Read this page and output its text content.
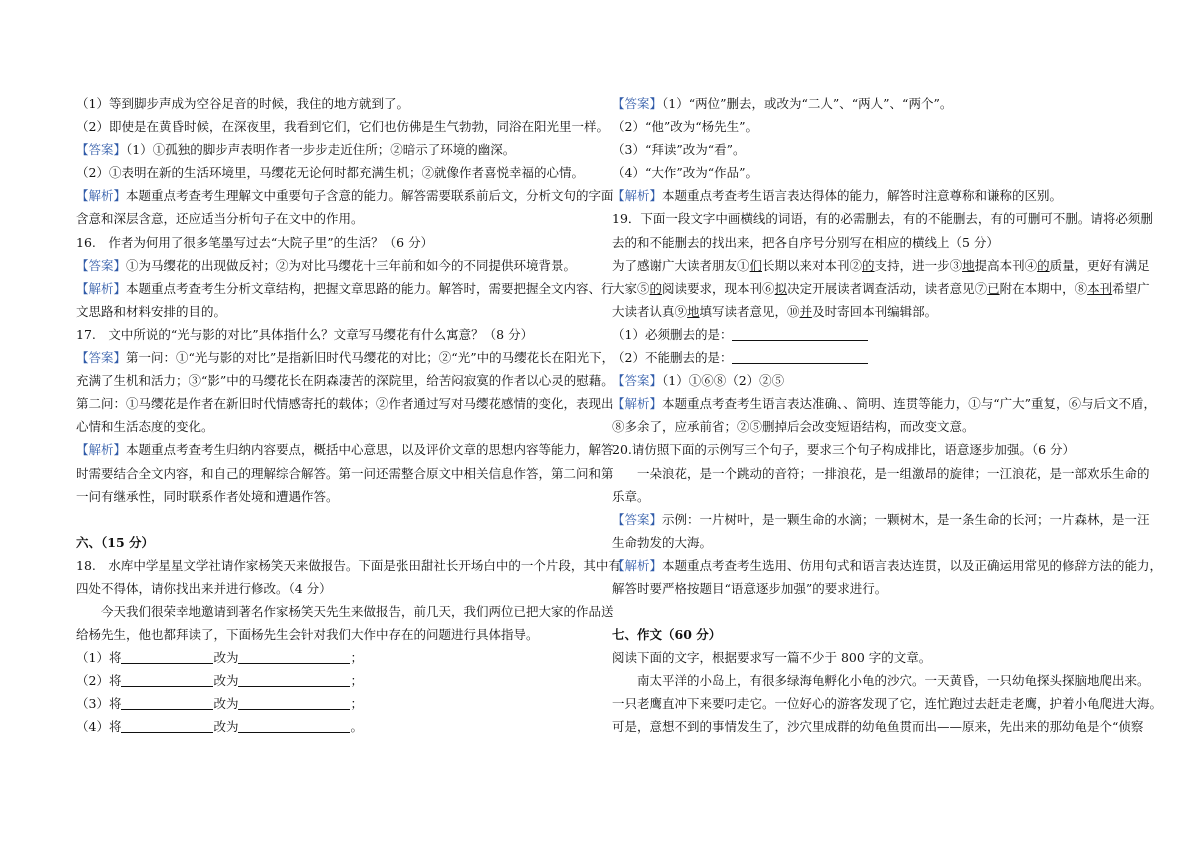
（1）等到脚步声成为空谷足音的时候，我住的地方就到了。
（2）即使是在黄昏时候，在深夜里，我看到它们，它们也仿佛是生气勃勃，同浴在阳光里一样。
【答案】（1）①孤独的脚步声表明作者一步步走近住所；②暗示了环境的幽深。
（2）①表明在新的生活环境里，马缨花无论何时都充满生机；②就像作者喜悦幸福的心情。
【解析】本题重点考查考生理解文中重要句子含意的能力。解答需要联系前后文，分析文句的字面
含意和深层含意，还应适当分析句子在文中的作用。
16.　作者为何用了很多笔墨写过去“大院子里”的生活？（6 分）
【答案】①为马缨花的出现做反衬；②为对比马缨花十三年前和如今的不同提供环境背景。
【解析】本题重点考查考生分析文章结构，把握文章思路的能力。解答时，需要把握全文内容、行
文思路和材料安排的目的。
17.　文中所说的“光与影的对比”具体指什么？文章写马缨花有什么寓意？（8 分）
【答案】第一问：①“光与影的对比”是指新旧时代马缨花的对比；②“光”中的马缨花长在阳光下，
充满了生机和活力；③“影”中的马缨花长在阴森凄苦的深院里，给苦闷寂寞的作者以心灵的慰藉。
第二问：①马缨花是作者在新旧时代情感寄托的载体；②作者通过写对马缨花感情的变化，表现出
心情和生活态度的变化。
【解析】本题重点考查考生归纳内容要点，概括中心意思，以及评价文章的思想内容等能力，解答
时需要结合全文内容，和自己的理解综合解答。第一问还需整合原文中相关信息作答，第二问和第
一问有继承性，同时联系作者处境和遭遇作答。
六、（15 分）
18.　水库中学星星文学社请作家杨笑天来做报告。下面是张田甜社长开场白中的一个片段，其中有
四处不得体，请你找出来并进行修改。（4 分）
今天我们很荣幸地邀请到著名作家杨笑天先生来做报告，前几天，我们两位已把大家的作品送
给杨先生，他也都拜读了，下面杨先生会针对我们大作中存在的问题进行具体指导。
（1）将	改为	；
（2）将	改为	；
（3）将	改为	；
（4）将	改为	。
【答案】（1）“两位”删去，或改为“二人”、“两人”、“两个”。
（2）“他”改为“杨先生”。
（3）“拜读”改为“看”。
（4）“大作”改为“作品”。
【解析】本题重点考查考生语言表达得体的能力，解答时注意尊称和谦称的区别。
19．下面一段文字中画横线的词语，有的必需删去，有的不能删去，有的可删可不删。请将必须删
去的和不能删去的找出来，把各自序号分别写在相应的横线上（5 分）
为了感谢广大读者朋友①们长期以来对本刊②的支持，进一步③地提高本刊④的质量，更好有满足
大家⑤的阅读要求，现本刊⑥拟决定开展读者调查活动，读者意见⑦已附在本期中，⑧本刊希望广
大读者认真⑨地填写读者意见，⑩并及时寄回本刊编辑部。
（1）必须删去的是：
（2）不能删去的是：
【答案】（1）①⑥⑧（2）②⑤
【解析】本题重点考查考生语言表达准确、、简明、连贯等能力，①与“广大”重复，⑥与后文不盾，
⑧多余了，应承前省；②⑤删掉后会改变短语结构，而改变文意。
20.请仿照下面的示例写三个句子，要求三个句子构成排比，语意逐步加强。（6 分）
一朵浪花，是一个跳动的音符；一排浪花，是一组激昂的旋律；一江浪花，是一部欢乐生命的
乐章。
【答案】示例：一片树叶，是一颗生命的水滴；一颗树木，是一条生命的长河；一片森林，是一汪
生命勃发的大海。
【解析】本题重点考查考生选用、仿用句式和语言表达连贯，以及正确运用常见的修辞方法的能力，
解答时要严格按题目“语意逐步加强”的要求进行。
七、作文（60 分）
阅读下面的文字，根据要求写一篇不少于 800 字的文章。
南太平洋的小岛上，有很多绿海龟孵化小龟的沙穴。一天黄昏，一只幼龟探头探脑地爬出来。
一只老鹰直冲下来要叼走它。一位好心的游客发现了它，连忙跑过去赶走老鹰，护着小龟爬进大海。
可是，意想不到的事情发生了，沙穴里成群的幼龟鱼贯而出——原来，先出来的那幼龟是个“侦察
